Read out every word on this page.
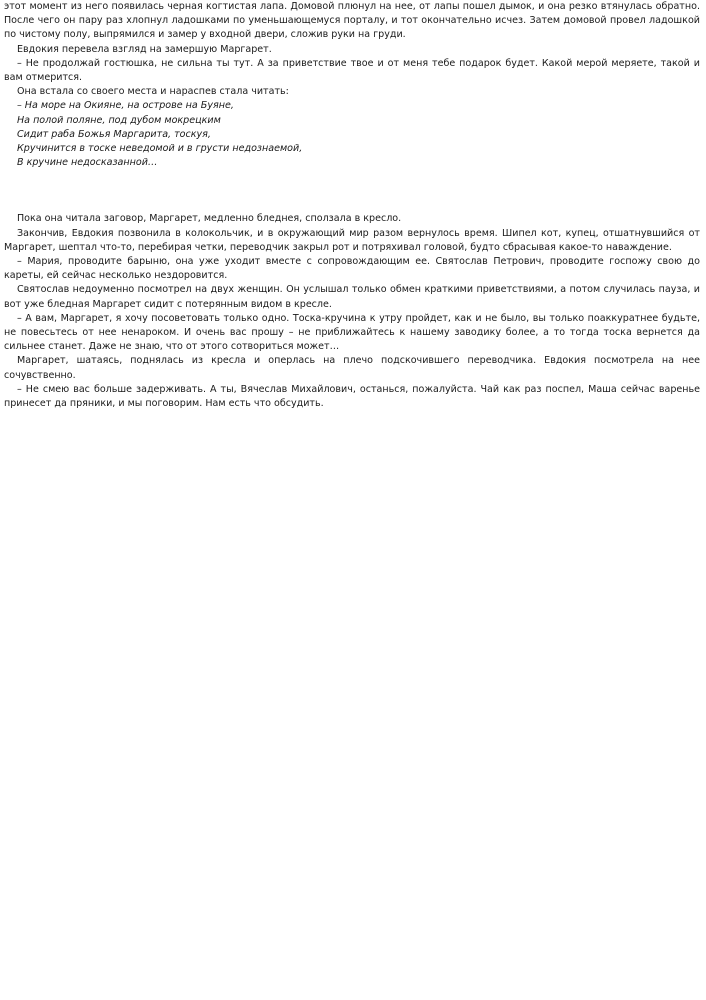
этот момент из него появилась черная когтистая лапа. Домовой плюнул на нее, от лапы пошел дымок, и она резко втянулась обратно. После чего он пару раз хлопнул ладошками по уменьшающемуся порталу, и тот окончательно исчез. Затем домовой провел ладошкой по чистому полу, выпрямился и замер у входной двери, сложив руки на груди.

Евдокия перевела взгляд на замершую Маргарет.

– Не продолжай гостюшка, не сильна ты тут. А за приветствие твое и от меня тебе подарок будет. Какой мерой меряете, такой и вам отмерится.

Она встала со своего места и нараспев стала читать:

– На море на Окияне, на острове на Буяне,

На полой поляне, под дубом мокрецким

Сидит раба Божья Маргарита, тоскуя,

Кручинится в тоске неведомой и в грусти недознаемой,

В кручине недосказанной…

Пока она читала заговор, Маргарет, медленно бледнея, сползала в кресло.

Закончив, Евдокия позвонила в колокольчик, и в окружающий мир разом вернулось время. Шипел кот, купец, отшатнувшийся от Маргарет, шептал что-то, перебирая четки, переводчик закрыл рот и потряхивал головой, будто сбрасывая какое-то наваждение.

– Мария, проводите барыню, она уже уходит вместе с сопровождающим ее. Святослав Петрович, проводите госпожу свою до кареты, ей сейчас несколько нездоровится.

Святослав недоуменно посмотрел на двух женщин. Он услышал только обмен краткими приветствиями, а потом случилась пауза, и вот уже бледная Маргарет сидит с потерянным видом в кресле.

– А вам, Маргарет, я хочу посоветовать только одно. Тоска-кручина к утру пройдет, как и не было, вы только поаккуратнее будьте, не повесьтесь от нее ненароком. И очень вас прошу – не приближайтесь к нашему заводику более, а то тогда тоска вернется да сильнее станет. Даже не знаю, что от этого сотвориться может…

Маргарет, шатаясь, поднялась из кресла и оперлась на плечо подскочившего переводчика. Евдокия посмотрела на нее сочувственно.

– Не смею вас больше задерживать. А ты, Вячеслав Михайлович, останься, пожалуйста. Чай как раз поспел, Маша сейчас варенье принесет да пряники, и мы поговорим. Нам есть что обсудить.
